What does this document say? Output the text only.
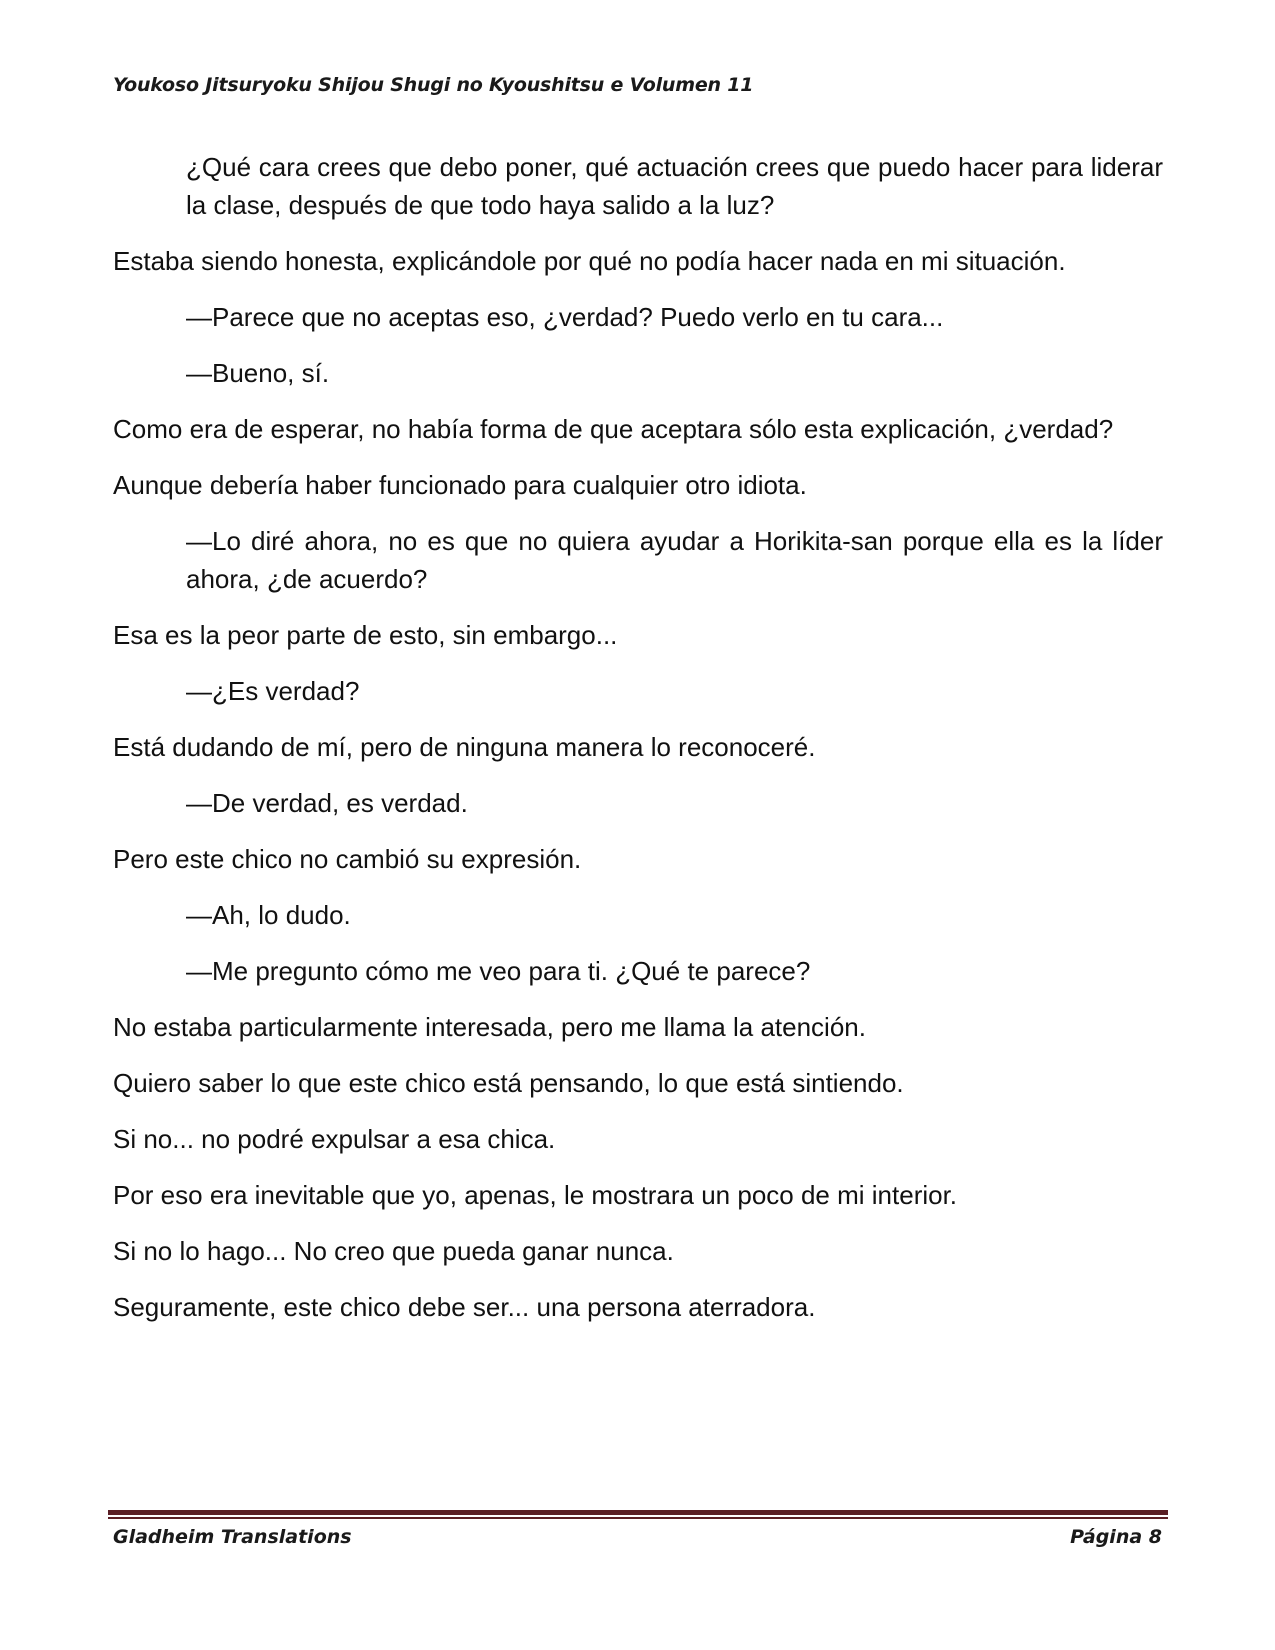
Youkoso Jitsuryoku Shijou Shugi no Kyoushitsu e Volumen 11

¿Qué cara crees que debo poner, qué actuación crees que puedo hacer para liderar la clase, después de que todo haya salido a la luz?

Estaba siendo honesta, explicándole por qué no podía hacer nada en mi situación.

—Parece que no aceptas eso, ¿verdad? Puedo verlo en tu cara...

—Bueno, sí.

Como era de esperar, no había forma de que aceptara sólo esta explicación, ¿verdad?

Aunque debería haber funcionado para cualquier otro idiota.

—Lo diré ahora, no es que no quiera ayudar a Horikita-san porque ella es la líder ahora, ¿de acuerdo?

Esa es la peor parte de esto, sin embargo...

—¿Es verdad?

Está dudando de mí, pero de ninguna manera lo reconoceré.

—De verdad, es verdad.

Pero este chico no cambió su expresión.

—Ah, lo dudo.

—Me pregunto cómo me veo para ti. ¿Qué te parece?

No estaba particularmente interesada, pero me llama la atención.

Quiero saber lo que este chico está pensando, lo que está sintiendo.

Si no... no podré expulsar a esa chica.

Por eso era inevitable que yo, apenas, le mostrara un poco de mi interior.

Si no lo hago... No creo que pueda ganar nunca.

Seguramente, este chico debe ser... una persona aterradora.

Gladheim Translations	Página 8
